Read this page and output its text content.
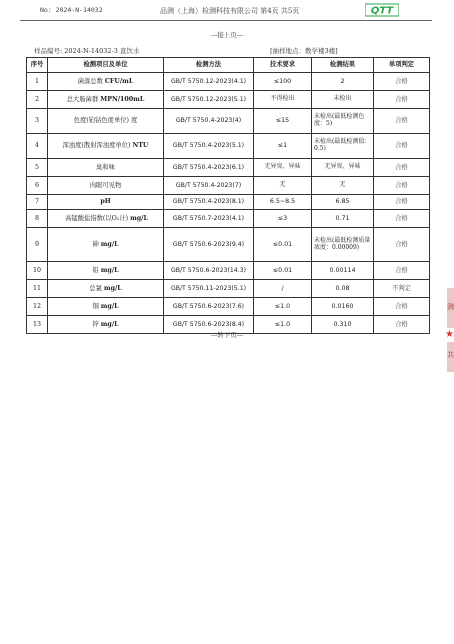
No: 2024-N-14032	品测（上海）检测科技有限公司 第4页 共5页	QTT
---接上页---
样品编号: 2024-N-14032-3 直饮水	[抽样地点：教学楼3楼]
序号	检测项目及单位	检测方法	技术要求	检测结果	单项判定
1	菌落总数 CFU/mL	GB/T 5750.12-2023(4.1)	≤100	2	合格
2	总大肠菌群 MPN/100mL	GB/T 5750.12-2023(5.1)	不得检出	未检出	合格
3	色度(铂钴色度单位) 度	GB/T 5750.4-2023(4)	≤15	未检出(最低检测色度：5)	合格
4	浑浊度(散射浑浊度单位) NTU	GB/T 5750.4-2023(5.1)	≤1	未检出(最低检测值：0.5)	合格
5	臭和味	GB/T 5750.4-2023(6.1)	无异臭、异味	无异臭、异味	合格
6	肉眼可见物	GB/T 5750.4-2023(7)	无	无	合格
7	pH	GB/T 5750.4-2023(8.1)	6.5~8.5	6.85	合格
8	高锰酸盐指数(以O₂计) mg/L	GB/T 5750.7-2023(4.1)	≤3	0.71	合格
9	砷 mg/L	GB/T 5750.6-2023(9.4)	≤0.01	未检出(最低检测质量浓度：0.00009)	合格
10	铅 mg/L	GB/T 5750.6-2023(14.3)	≤0.01	0.00114	合格
11	总氯 mg/L	GB/T 5750.11-2023(5.1)	/	0.08	不判定
12	铜 mg/L	GB/T 5750.6-2023(7.6)	≤1.0	0.0160	合格
13	锌 mg/L	GB/T 5750.6-2023(8.4)	≤1.0	0.310	合格
---转下页---
测
★
共
